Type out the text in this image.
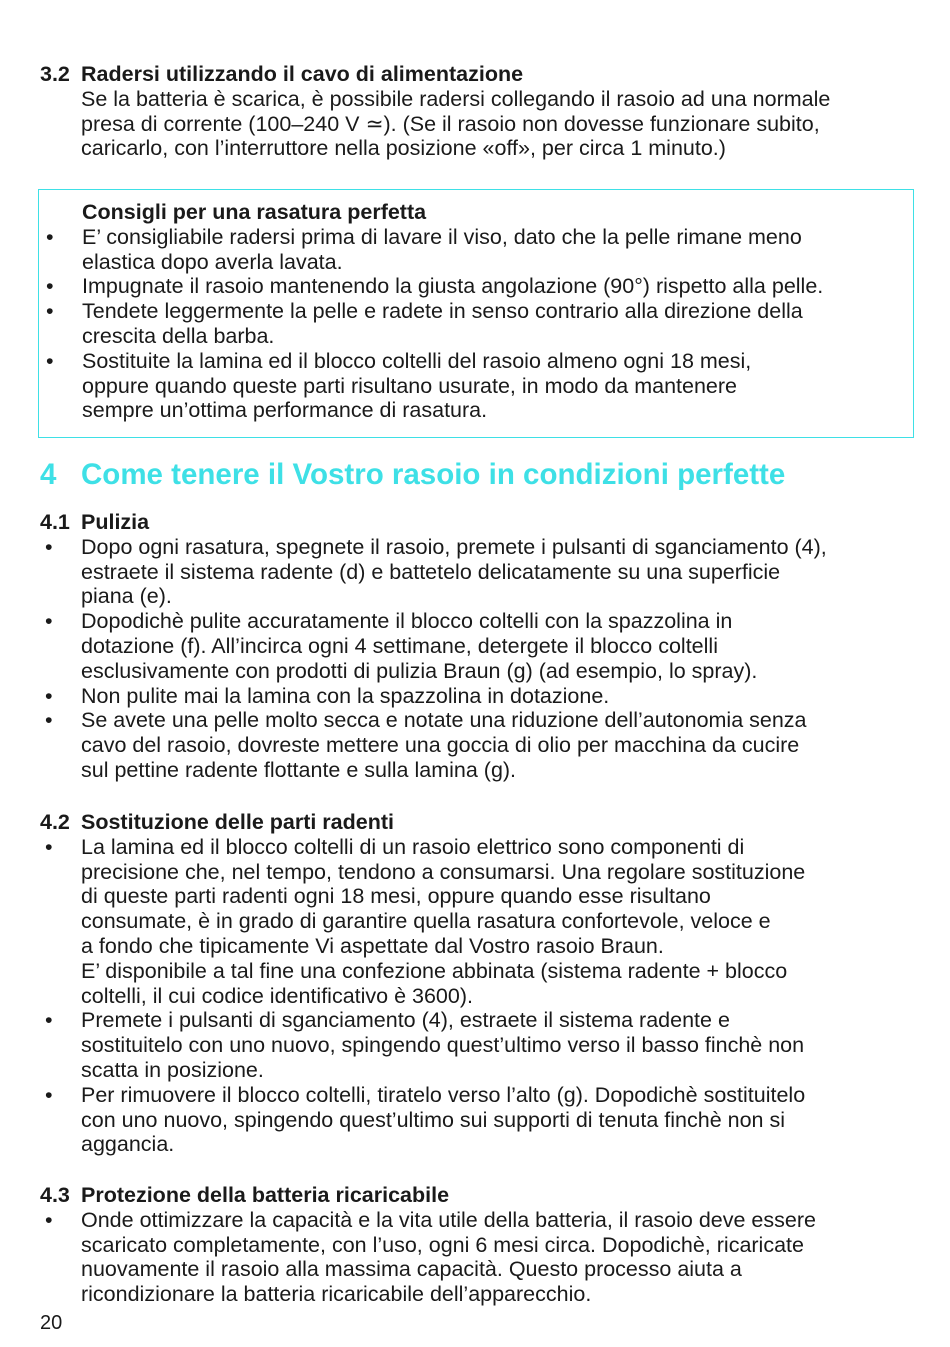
3.2 Radersi utilizzando il cavo di alimentazione
Se la batteria è scarica, è possibile radersi collegando il rasoio ad una normale
presa di corrente (100–240 V ≃). (Se il rasoio non dovesse funzionare subito,
caricarlo, con l’interruttore nella posizione «off», per circa 1 minuto.)
Consigli per una rasatura perfetta
•	E’ consigliabile radersi prima di lavare il viso, dato che la pelle rimane meno
elastica dopo averla lavata.
•	Impugnate il rasoio mantenendo la giusta angolazione (90°) rispetto alla pelle.
•	Tendete leggermente la pelle e radete in senso contrario alla direzione della
crescita della barba.
•	Sostituite la lamina ed il blocco coltelli del rasoio almeno ogni 18 mesi,
oppure quando queste parti risultano usurate, in modo da mantenere
sempre un’ottima performance di rasatura.
4 Come tenere il Vostro rasoio in condizioni perfette
4.1 Pulizia
•	Dopo ogni rasatura, spegnete il rasoio, premete i pulsanti di sganciamento (4),
estraete il sistema radente (d) e battetelo delicatamente su una superficie
piana (e).
•	Dopodichè pulite accuratamente il blocco coltelli con la spazzolina in
dotazione (f). All’incirca ogni 4 settimane, detergete il blocco coltelli
esclusivamente con prodotti di pulizia Braun (g) (ad esempio, lo spray).
•	Non pulite mai la lamina con la spazzolina in dotazione.
•	Se avete una pelle molto secca e notate una riduzione dell’autonomia senza
cavo del rasoio, dovreste mettere una goccia di olio per macchina da cucire
sul pettine radente flottante e sulla lamina (g).
4.2 Sostituzione delle parti radenti
•	La lamina ed il blocco coltelli di un rasoio elettrico sono componenti di
precisione che, nel tempo, tendono a consumarsi. Una regolare sostituzione
di queste parti radenti ogni 18 mesi, oppure quando esse risultano
consumate, è in grado di garantire quella rasatura confortevole, veloce e
a fondo che tipicamente Vi aspettate dal Vostro rasoio Braun.
E’ disponibile a tal fine una confezione abbinata (sistema radente + blocco
coltelli, il cui codice identificativo è 3600).
•	Premete i pulsanti di sganciamento (4), estraete il sistema radente e
sostituitelo con uno nuovo, spingendo quest’ultimo verso il basso finchè non
scatta in posizione.
•	Per rimuovere il blocco coltelli, tiratelo verso l’alto (g). Dopodichè sostituitelo
con uno nuovo, spingendo quest’ultimo sui supporti di tenuta finchè non si
aggancia.
4.3 Protezione della batteria ricaricabile
•	Onde ottimizzare la capacità e la vita utile della batteria, il rasoio deve essere
scaricato completamente, con l’uso, ogni 6 mesi circa. Dopodichè, ricaricate
nuovamente il rasoio alla massima capacità. Questo processo aiuta a
ricondizionare la batteria ricaricabile dell’apparecchio.
20
